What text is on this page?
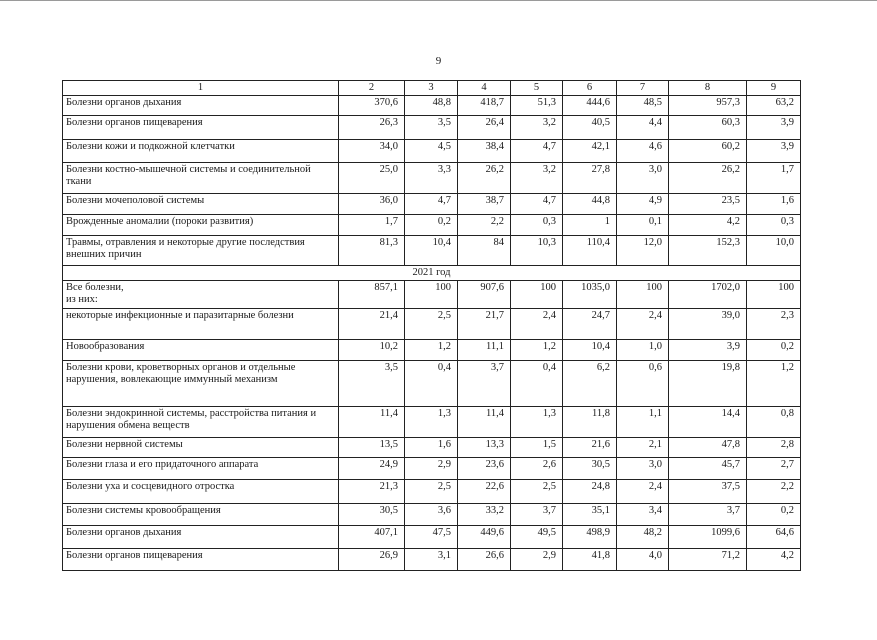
9
1	2	3	4	5	6	7	8	9
Болезни органов дыхания	370,6	48,8	418,7	51,3	444,6	48,5	957,3	63,2
Болезни органов пищеварения	26,3	3,5	26,4	3,2	40,5	4,4	60,3	3,9
Болезни кожи и подкожной клетчатки	34,0	4,5	38,4	4,7	42,1	4,6	60,2	3,9
Болезни костно-мышечной системы и соединительной ткани	25,0	3,3	26,2	3,2	27,8	3,0	26,2	1,7
Болезни мочеполовой системы	36,0	4,7	38,7	4,7	44,8	4,9	23,5	1,6
Врожденные аномалии (пороки развития)	1,7	0,2	2,2	0,3	1	0,1	4,2	0,3
Травмы, отравления и некоторые другие последствия внешних причин	81,3	10,4	84	10,3	110,4	12,0	152,3	10,0
2021 год								
Все болезни,
из них:	857,1	100	907,6	100	1035,0	100	1702,0	100
некоторые инфекционные и паразитарные болезни	21,4	2,5	21,7	2,4	24,7	2,4	39,0	2,3
Новообразования	10,2	1,2	11,1	1,2	10,4	1,0	3,9	0,2
Болезни крови, кроветворных органов и отдельные нарушения, вовлекающие иммунный механизм	3,5	0,4	3,7	0,4	6,2	0,6	19,8	1,2
Болезни эндокринной системы, расстройства питания и нарушения обмена веществ	11,4	1,3	11,4	1,3	11,8	1,1	14,4	0,8
Болезни нервной системы	13,5	1,6	13,3	1,5	21,6	2,1	47,8	2,8
Болезни глаза и его придаточного аппарата	24,9	2,9	23,6	2,6	30,5	3,0	45,7	2,7
Болезни уха и сосцевидного отростка	21,3	2,5	22,6	2,5	24,8	2,4	37,5	2,2
Болезни системы кровообращения	30,5	3,6	33,2	3,7	35,1	3,4	3,7	0,2
Болезни органов дыхания	407,1	47,5	449,6	49,5	498,9	48,2	1099,6	64,6
Болезни органов пищеварения	26,9	3,1	26,6	2,9	41,8	4,0	71,2	4,2
